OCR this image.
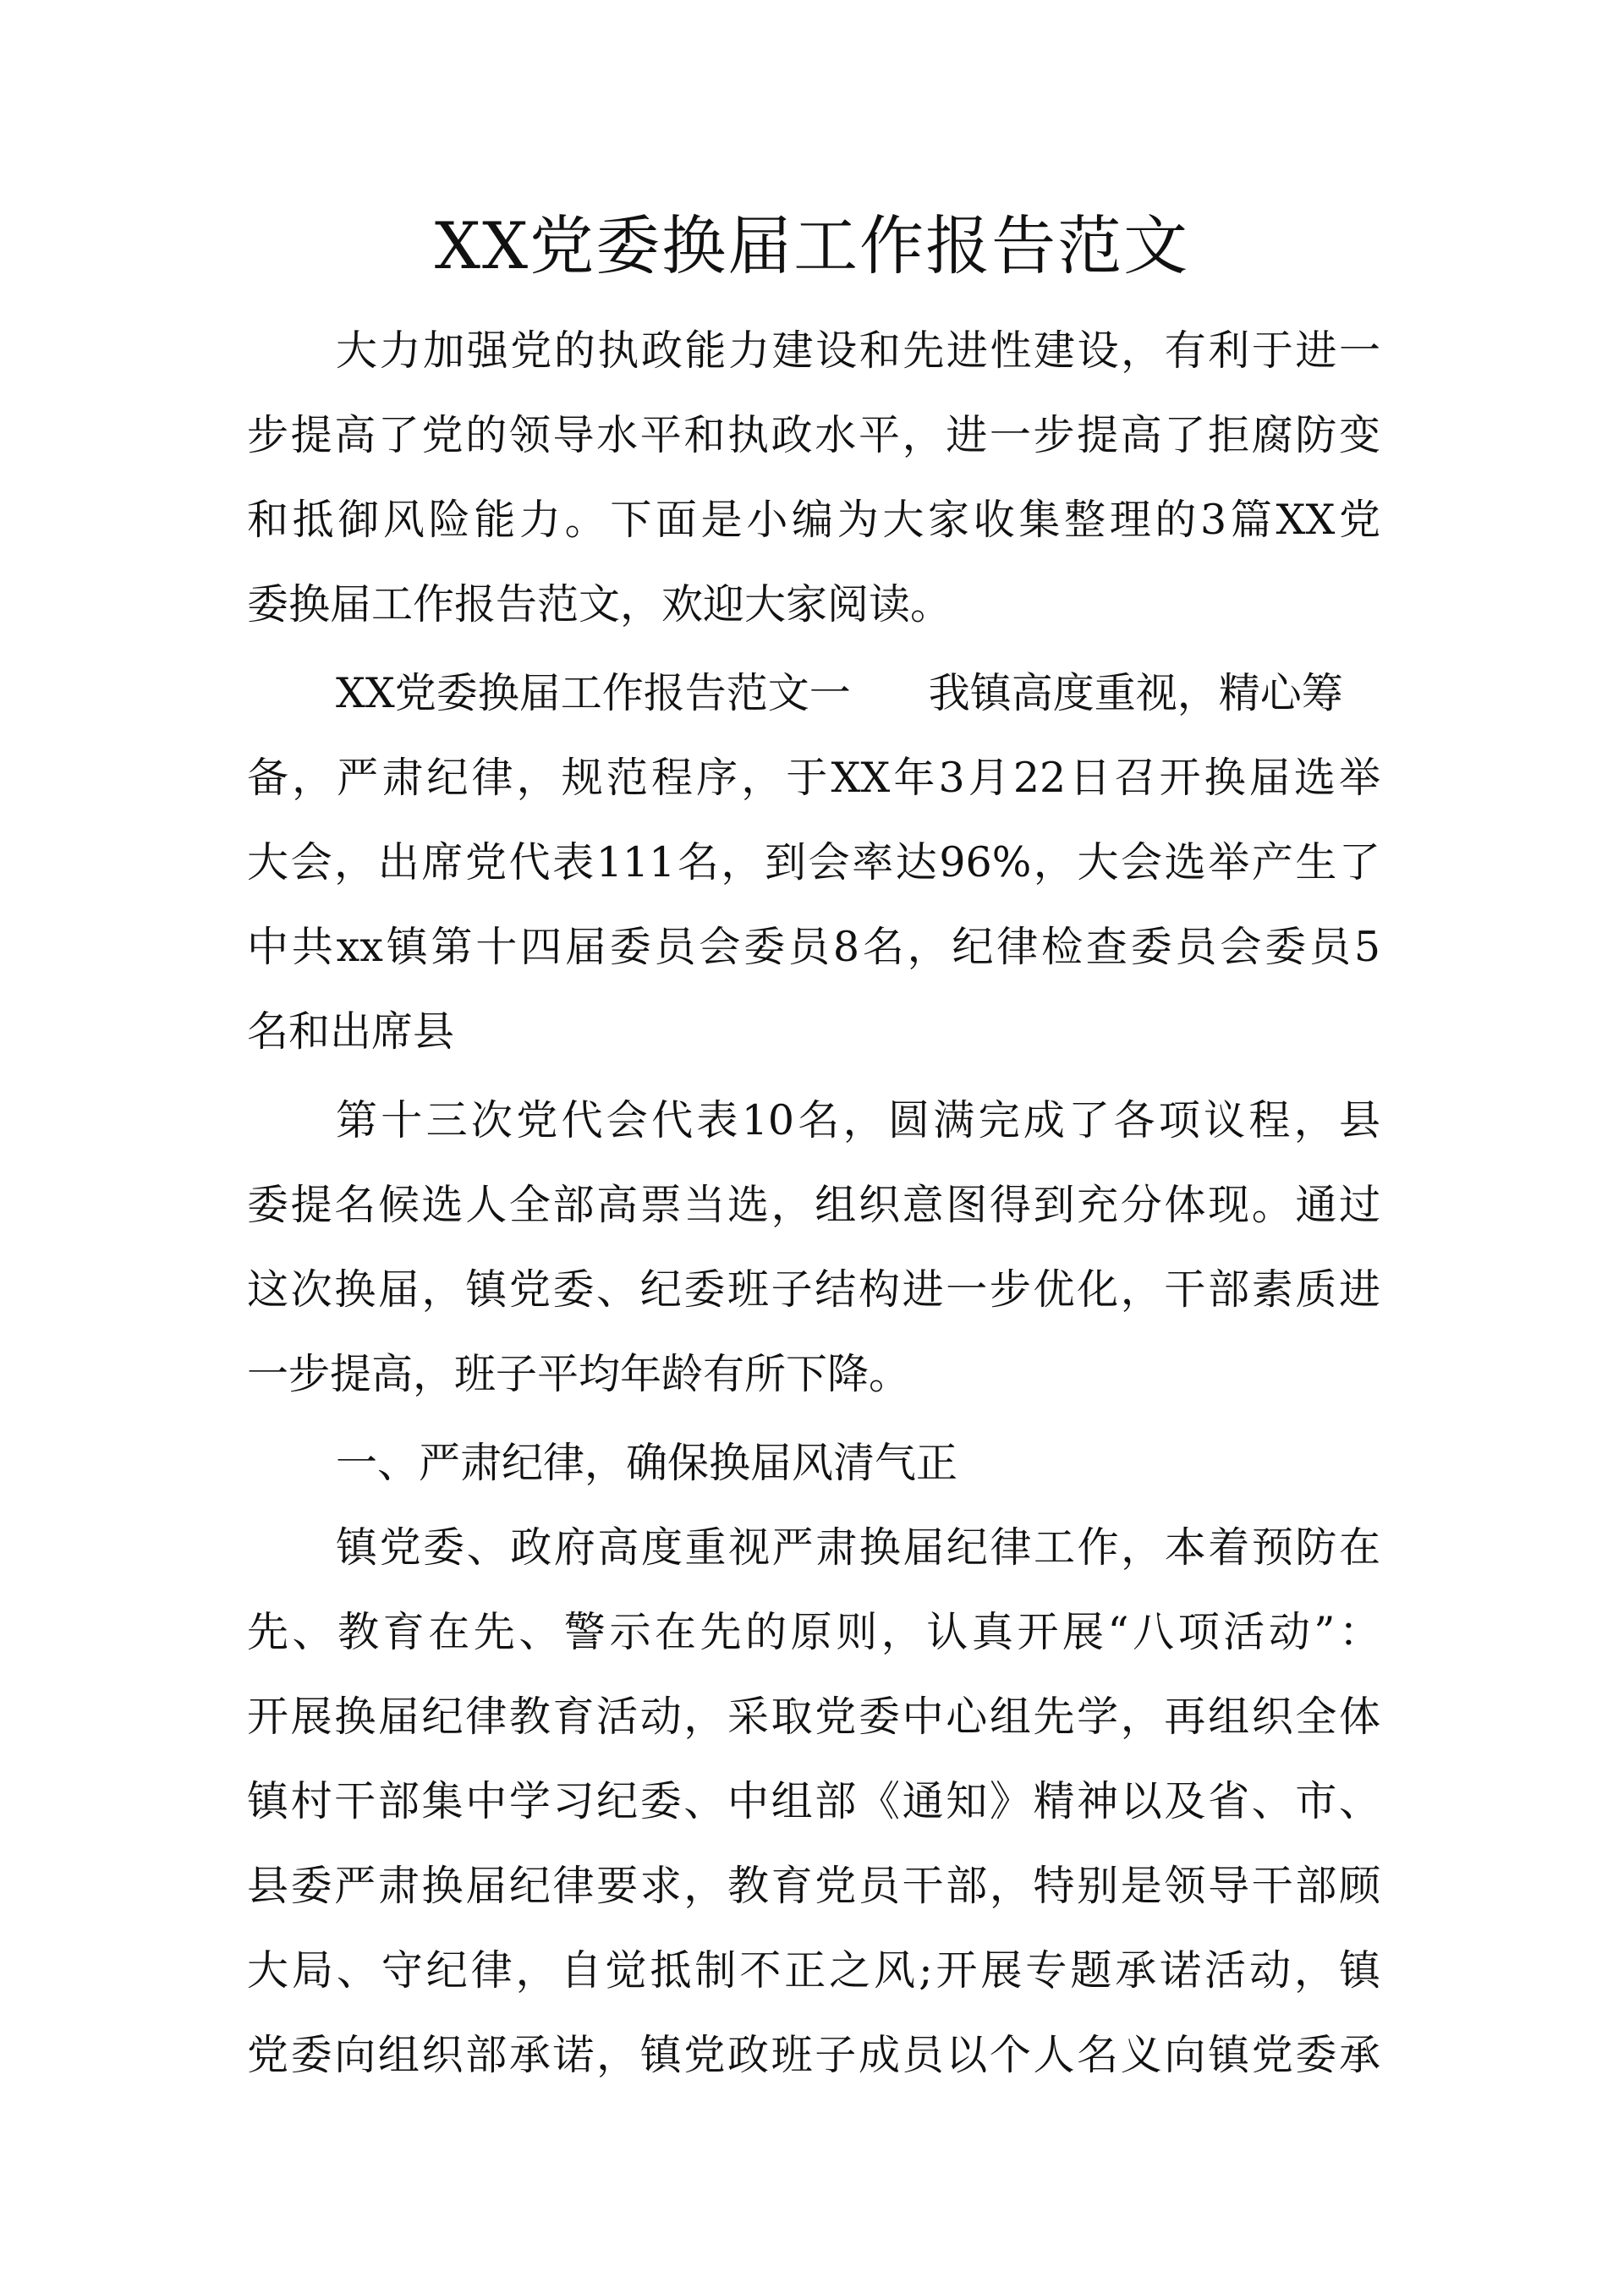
XX党委换届工作报告范文

大力加强党的执政能力建设和先进性建设，有利于进一

步提高了党的领导水平和执政水平，进一步提高了拒腐防变

和抵御风险能力。下面是小编为大家收集整理的3篇XX党

委换届工作报告范文，欢迎大家阅读。

XX党委换届工作报告范文一 我镇高度重视，精心筹

备，严肃纪律，规范程序，于XX年3月22日召开换届选举

大会，出席党代表111名，到会率达96%，大会选举产生了

中共xx镇第十四届委员会委员8名，纪律检查委员会委员5

名和出席县

第十三次党代会代表10名，圆满完成了各项议程，县

委提名候选人全部高票当选，组织意图得到充分体现。通过

这次换届，镇党委、纪委班子结构进一步优化，干部素质进

一步提高，班子平均年龄有所下降。

一、严肃纪律，确保换届风清气正

镇党委、政府高度重视严肃换届纪律工作，本着预防在

先、教育在先、警示在先的原则，认真开展“八项活动”：

开展换届纪律教育活动，采取党委中心组先学，再组织全体

镇村干部集中学习纪委、中组部《通知》精神以及省、市、

县委严肃换届纪律要求，教育党员干部，特别是领导干部顾

大局、守纪律，自觉抵制不正之风;开展专题承诺活动，镇

党委向组织部承诺，镇党政班子成员以个人名义向镇党委承
